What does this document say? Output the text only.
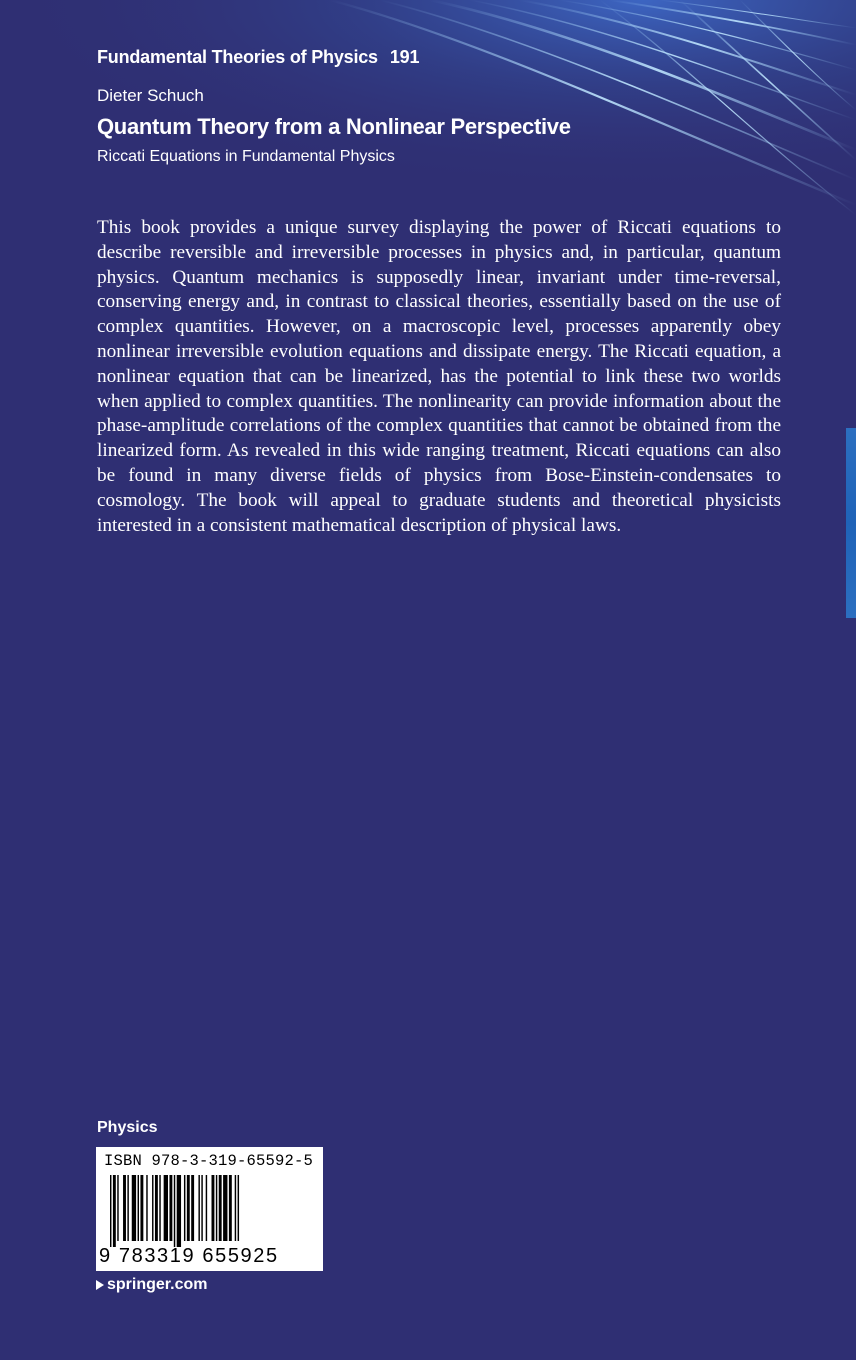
Fundamental Theories of Physics 191
Dieter Schuch
Quantum Theory from a Nonlinear Perspective
Riccati Equations in Fundamental Physics

This book provides a unique survey displaying the power of Riccati equations to describe reversible and irreversible processes in physics and, in particular, quantum physics. Quantum mechanics is supposedly linear, invariant under time-reversal, conserving energy and, in contrast to classical theories, essentially based on the use of complex quantities. However, on a macroscopic level, processes apparently obey nonlinear irreversible evolution equations and dissipate energy. The Riccati equation, a nonlinear equation that can be linearized, has the potential to link these two worlds when applied to complex quantities. The nonlinearity can provide information about the phase-amplitude correlations of the complex quantities that cannot be obtained from the linearized form. As revealed in this wide ranging treatment, Riccati equations can also be found in many diverse fields of physics from Bose-Einstein-condensates to cosmology. The book will appeal to graduate students and theoretical physicists interested in a consistent mathematical description of physical laws.

Physics
ISBN 978-3-319-65592-5
9 783319 655925
springer.com
